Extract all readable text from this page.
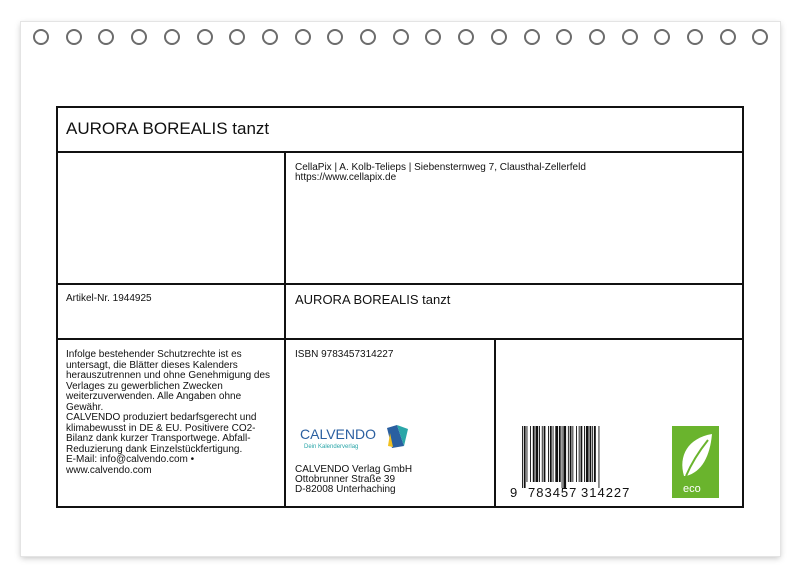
AURORA BOREALIS tanzt
CellaPix | A. Kolb-Telieps | Siebensternweg 7, Clausthal-Zellerfeld
https://www.cellapix.de
Artikel-Nr. 1944925	AURORA BOREALIS tanzt
Infolge bestehender Schutzrechte ist es
untersagt, die Blätter dieses Kalenders
herauszutrennen und ohne Genehmigung des
Verlages zu gewerblichen Zwecken
weiterzuverwenden. Alle Angaben ohne
Gewähr.
CALVENDO produziert bedarfsgerecht und
klimabewusst in DE & EU. Positivere CO2-
Bilanz dank kurzer Transportwege. Abfall-
Reduzierung dank Einzelstückfertigung.
E-Mail: info@calvendo.com •
www.calvendo.com
ISBN 9783457314227
CALVENDO
Dein Kalenderverlag
CALVENDO Verlag GmbH
Ottobrunner Straße 39
D-82008 Unterhaching	9 783457 314227	eco
